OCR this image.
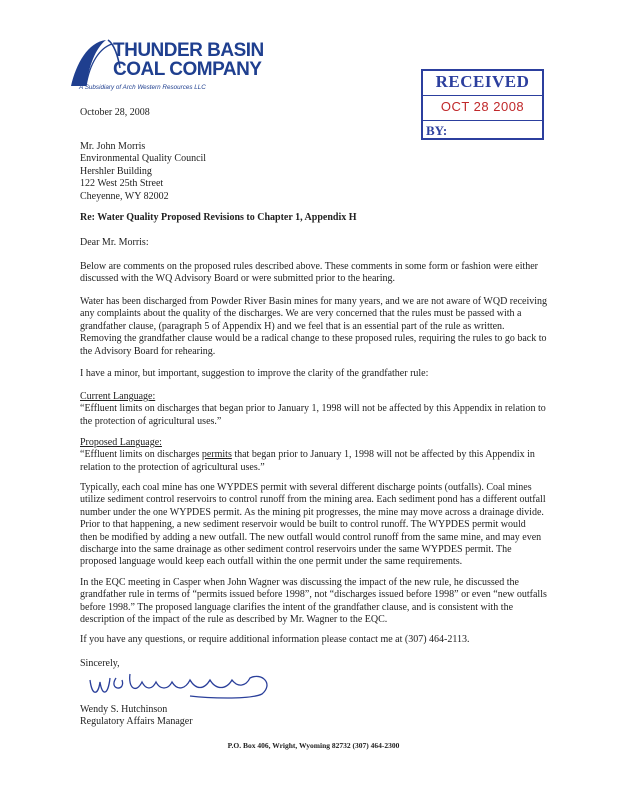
THUNDER BASIN
COAL COMPANY
A Subsidiary of Arch Western Resources LLC	RECEIVED
OCT 28 2008
BY:
October 28, 2008
Mr. John Morris
Environmental Quality Council
Hershler Building
122 West 25th Street
Cheyenne, WY 82002
Re: Water Quality Proposed Revisions to Chapter 1, Appendix H
Dear Mr. Morris:
Below are comments on the proposed rules described above. These comments in some form or fashion were either
discussed with the WQ Advisory Board or were submitted prior to the hearing.
Water has been discharged from Powder River Basin mines for many years, and we are not aware of WQD receiving
any complaints about the quality of the discharges. We are very concerned that the rules must be passed with a
grandfather clause, (paragraph 5 of Appendix H) and we feel that is an essential part of the rule as written.
Removing the grandfather clause would be a radical change to these proposed rules, requiring the rules to go back to
the Advisory Board for rehearing.
I have a minor, but important, suggestion to improve the clarity of the grandfather rule:
Current Language:
“Effluent limits on discharges that began prior to January 1, 1998 will not be affected by this Appendix in relation to
the protection of agricultural uses.”
Proposed Language:
“Effluent limits on discharges permits that began prior to January 1, 1998 will not be affected by this Appendix in
relation to the protection of agricultural uses.”
Typically, each coal mine has one WYPDES permit with several different discharge points (outfalls). Coal mines
utilize sediment control reservoirs to control runoff from the mining area. Each sediment pond has a different outfall
number under the one WYPDES permit. As the mining pit progresses, the mine may move across a drainage divide.
Prior to that happening, a new sediment reservoir would be built to control runoff. The WYPDES permit would
then be modified by adding a new outfall. The new outfall would control runoff from the same mine, and may even
discharge into the same drainage as other sediment control reservoirs under the same WYPDES permit. The
proposed language would keep each outfall within the one permit under the same requirements.
In the EQC meeting in Casper when John Wagner was discussing the impact of the new rule, he discussed the
grandfather rule in terms of “permits issued before 1998”, not “discharges issued before 1998” or even “new outfalls
before 1998.” The proposed language clarifies the intent of the grandfather clause, and is consistent with the
description of the impact of the rule as described by Mr. Wagner to the EQC.
If you have any questions, or require additional information please contact me at (307) 464-2113.
Sincerely,
Wendy S. Hutchinson
Regulatory Affairs Manager
P.O. Box 406, Wright, Wyoming 82732 (307) 464-2300
